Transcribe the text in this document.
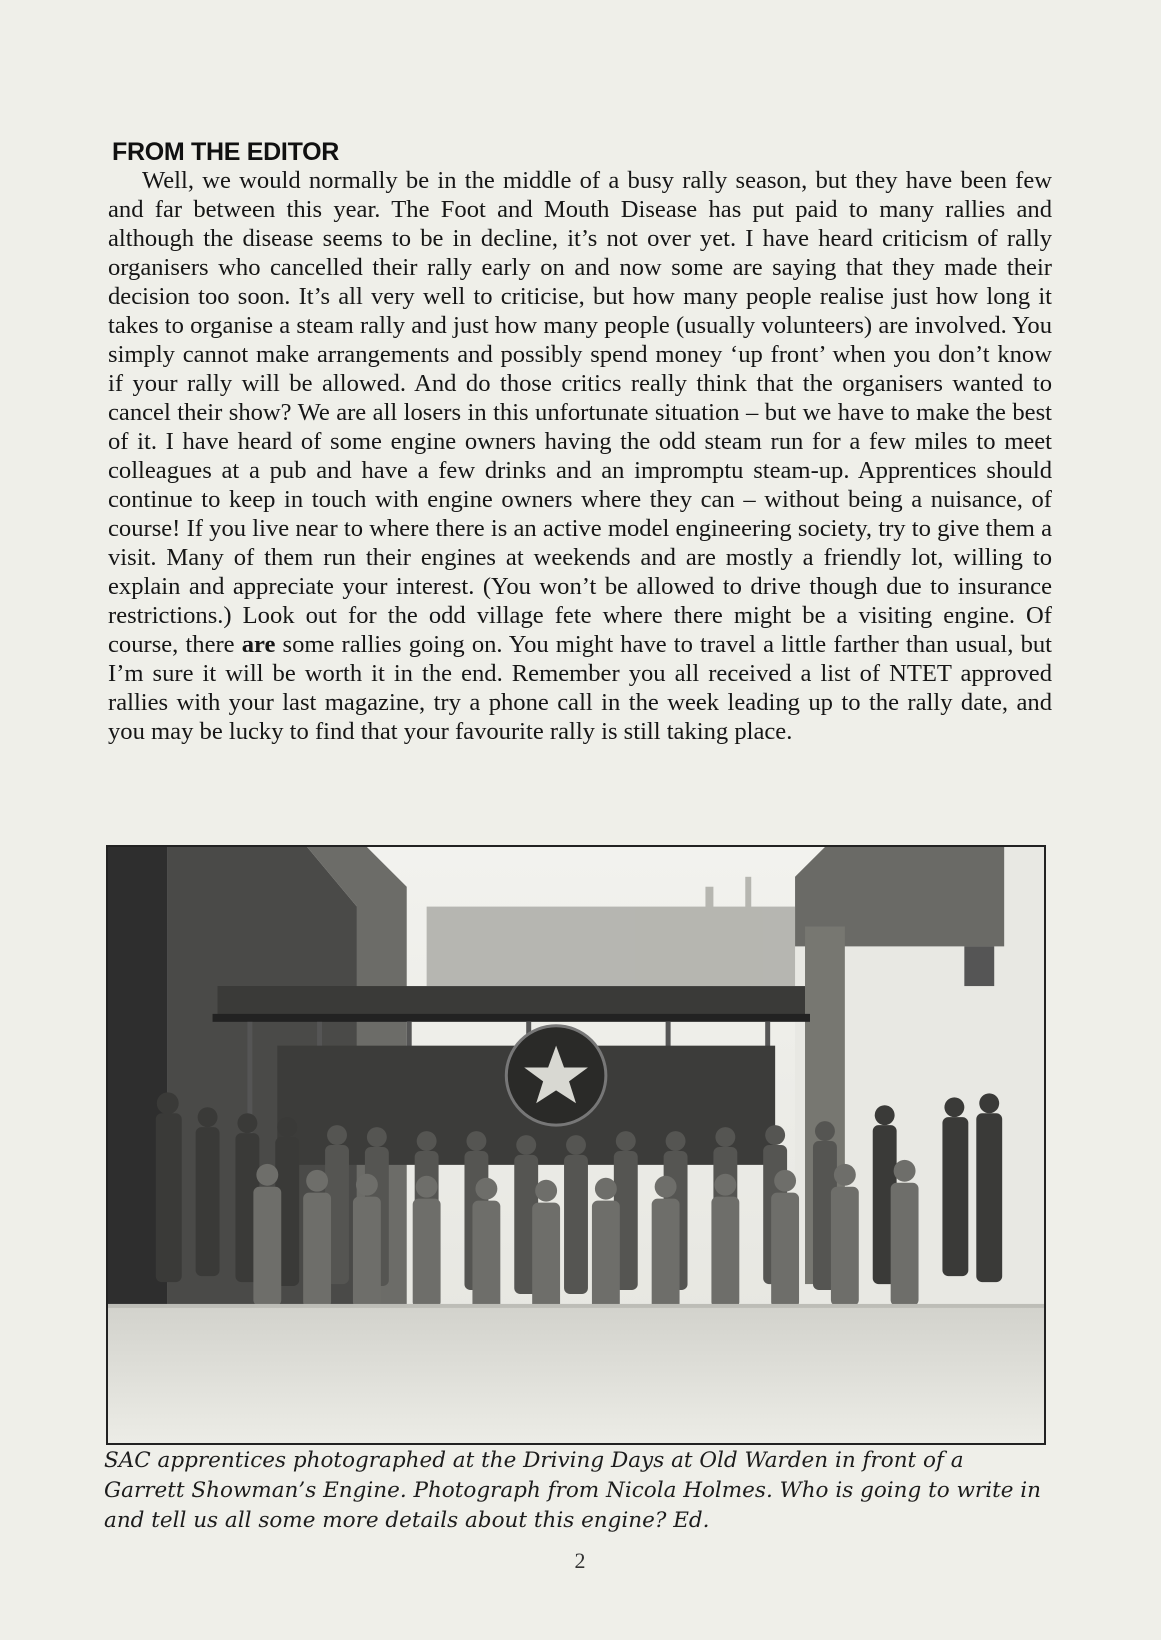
FROM THE EDITOR

Well, we would normally be in the middle of a busy rally season, but they have been few and far between this year. The Foot and Mouth Disease has put paid to many rallies and although the disease seems to be in decline, it’s not over yet. I have heard criticism of rally organisers who cancelled their rally early on and now some are saying that they made their decision too soon. It’s all very well to criticise, but how many people realise just how long it takes to organise a steam rally and just how many people (usually volunteers) are involved. You simply cannot make arrangements and possibly spend money ‘up front’ when you don’t know if your rally will be allowed. And do those critics really think that the organisers wanted to cancel their show? We are all losers in this unfortunate situation – but we have to make the best of it. I have heard of some engine owners having the odd steam run for a few miles to meet colleagues at a pub and have a few drinks and an impromptu steam-up. Apprentices should continue to keep in touch with engine owners where they can – without being a nuisance, of course! If you live near to where there is an active model engineering society, try to give them a visit. Many of them run their engines at weekends and are mostly a friendly lot, willing to explain and appreciate your interest. (You won’t be allowed to drive though due to insurance restrictions.) Look out for the odd village fete where there might be a visiting engine. Of course, there are some rallies going on. You might have to travel a little farther than usual, but I’m sure it will be worth it in the end. Remember you all received a list of NTET approved rallies with your last magazine, try a phone call in the week leading up to the rally date, and you may be lucky to find that your favourite rally is still taking place.

SAC apprentices photographed at the Driving Days at Old Warden in front of a Garrett Showman’s Engine. Photograph from Nicola Holmes. Who is going to write in and tell us all some more details about this engine? Ed.

2
